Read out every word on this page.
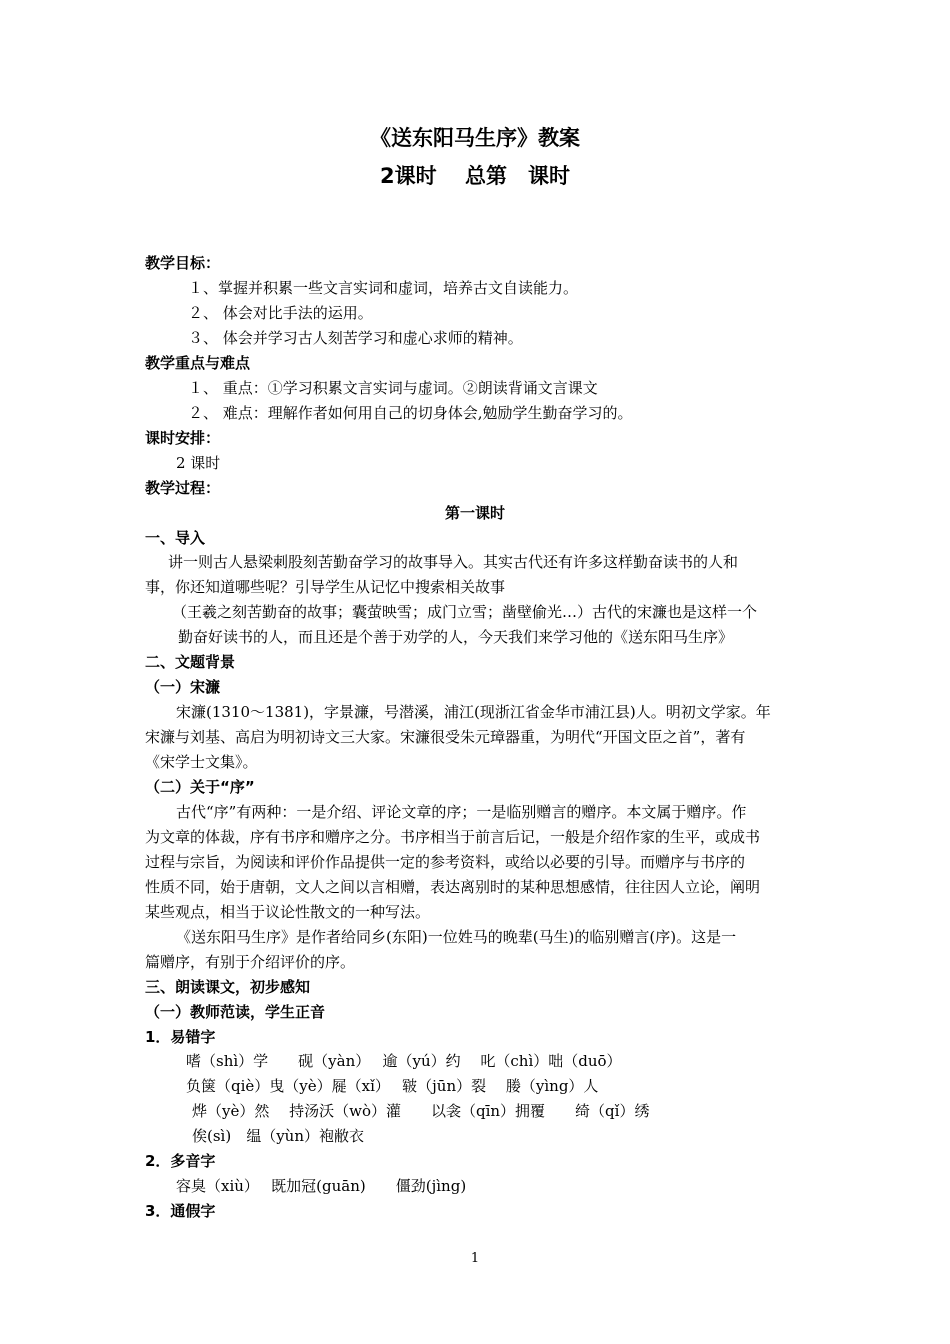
《送东阳马生序》教案
2课时　 总第　课时
教学目标：
１、掌握并积累一些文言实词和虚词，培养古文自读能力。
２、 体会对比手法的运用。
３、 体会并学习古人刻苦学习和虚心求师的精神。
教学重点与难点
１、 重点：①学习积累文言实词与虚词。②朗读背诵文言课文
２、 难点：理解作者如何用自己的切身体会,勉励学生勤奋学习的。
课时安排：
2 课时
教学过程：
第一课时
一、导入
讲一则古人悬梁刺股刻苦勤奋学习的故事导入。其实古代还有许多这样勤奋读书的人和
事，你还知道哪些呢？引导学生从记忆中搜索相关故事
（王羲之刻苦勤奋的故事；囊萤映雪；成门立雪；凿壁偷光…）古代的宋濂也是这样一个
勤奋好读书的人，而且还是个善于劝学的人，今天我们来学习他的《送东阳马生序》
二、文题背景
（一）宋濂
宋濂(1310～1381)，字景濂，号潜溪，浦江(现浙江省金华市浦江县)人。明初文学家。年
宋濂与刘基、高启为明初诗文三大家。宋濂很受朱元璋器重，为明代“开国文臣之首”，著有
《宋学士文集》。
（二）关于“序”
古代“序”有两种：一是介绍、评论文章的序；一是临别赠言的赠序。本文属于赠序。作
为文章的体裁，序有书序和赠序之分。书序相当于前言后记，一般是介绍作家的生平，或成书
过程与宗旨，为阅读和评价作品提供一定的参考资料，或给以必要的引导。而赠序与书序的
性质不同，始于唐朝，文人之间以言相赠，表达离别时的某种思想感情，往往因人立论，阐明
某些观点，相当于议论性散文的一种写法。
《送东阳马生序》是作者给同乡(东阳)一位姓马的晚辈(马生)的临别赠言(序)。这是一
篇赠序，有别于介绍评价的序。
三、朗读课文，初步感知
（一）教师范读，学生正音
1．易错字
嗜（shì）学　　砚（yàn）　 逾（yú）约　 叱（chì）咄（duō）
负箧（qiè）曳（yè）屣（xǐ）　 皲（jūn）裂　 媵（yìng）人
烨（yè）然　 持汤沃（wò）灌　　以衾（qīn）拥覆　　绮（qǐ）绣
俟(sì)　缊（yùn）袍敝衣
2．多音字
容臭（xiù）　 既加冠(guān)　　僵劲(jìng)
3．通假字
1
